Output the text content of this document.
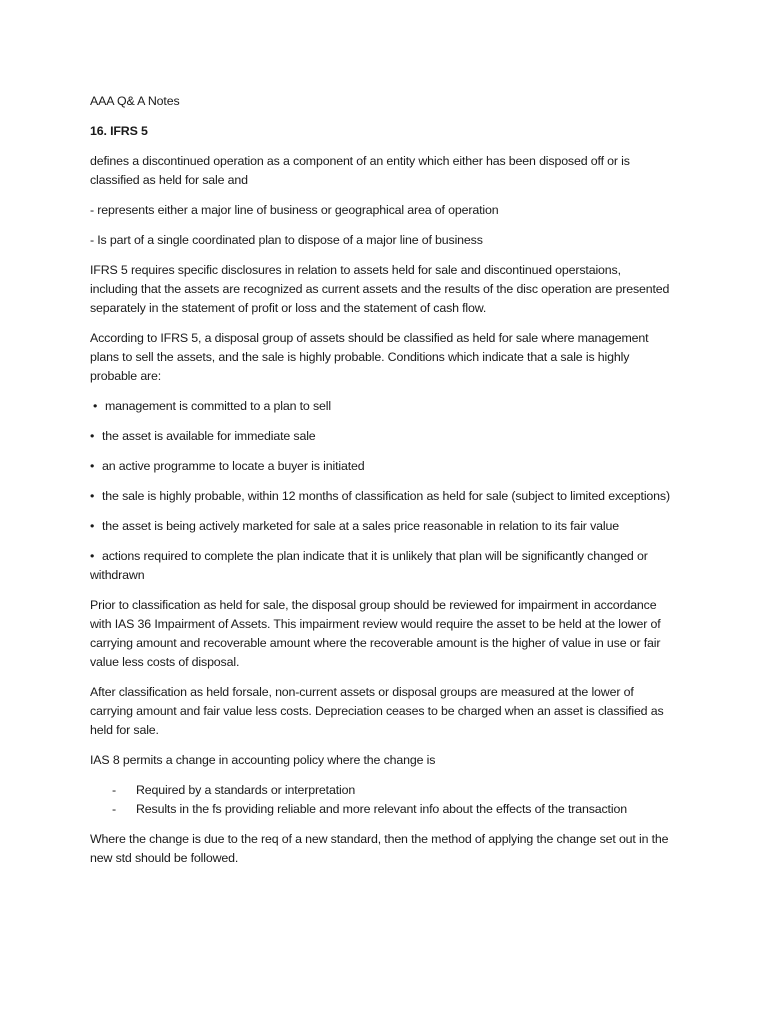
AAA Q& A Notes

16. IFRS 5

defines a discontinued operation as a component of an entity which either has been disposed off or is classified as held for sale and

- represents either a major line of business or geographical area of operation

- Is part of a single coordinated plan to dispose of a major line of business

IFRS 5 requires specific disclosures in relation to assets held for sale and discontinued operstaions, including that the assets are recognized as current assets and the results of the disc operation are presented separately in the statement of profit or loss and the statement of cash flow.

According to IFRS 5, a disposal group of assets should be classified as held for sale where management plans to sell the assets, and the sale is highly probable. Conditions which indicate that a sale is highly probable are:

• management is committed to a plan to sell

• the asset is available for immediate sale

• an active programme to locate a buyer is initiated

• the sale is highly probable, within 12 months of classification as held for sale (subject to limited exceptions)

• the asset is being actively marketed for sale at a sales price reasonable in relation to its fair value

• actions required to complete the plan indicate that it is unlikely that plan will be significantly changed or withdrawn

Prior to classification as held for sale, the disposal group should be reviewed for impairment in accordance with IAS 36 Impairment of Assets. This impairment review would require the asset to be held at the lower of carrying amount and recoverable amount where the recoverable amount is the higher of value in use or fair value less costs of disposal.

After classification as held forsale, non-current assets or disposal groups are measured at the lower of carrying amount and fair value less costs. Depreciation ceases to be charged when an asset is classified as held for sale.

IAS 8 permits a change in accounting policy where the change is

- Required by a standards or interpretation
- Results in the fs providing reliable and more relevant info about the effects of the transaction

Where the change is due to the req of a new standard, then the method of applying the change set out in the new std should be followed.
